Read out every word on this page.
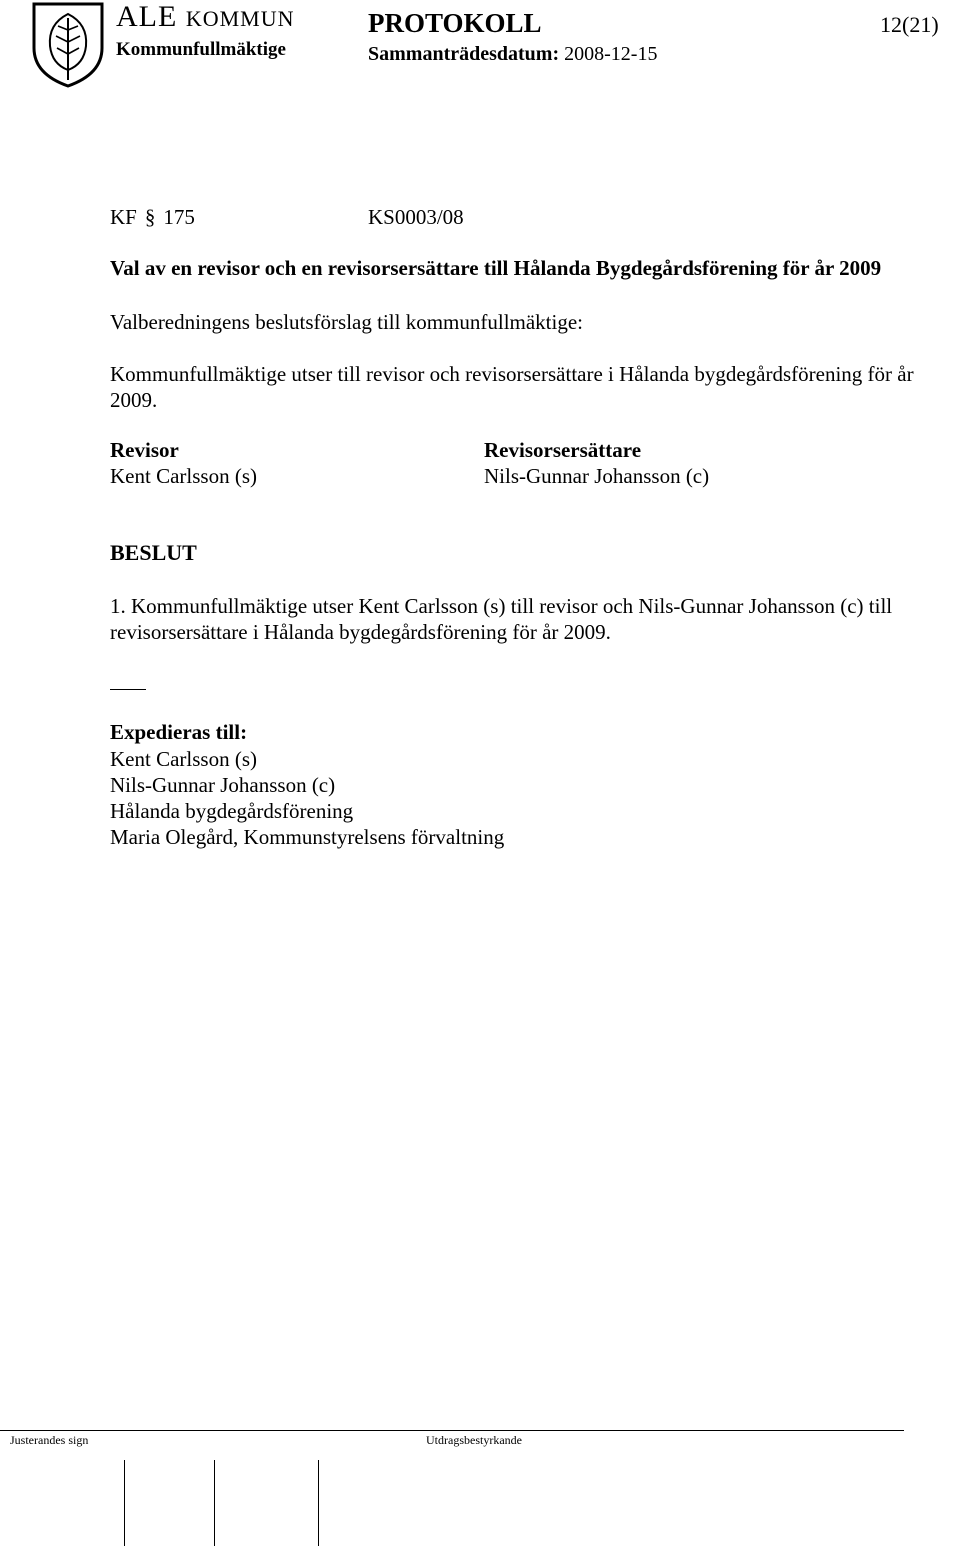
ALE KOMMUN
Kommunfullmäktige
PROTOKOLL
Sammanträdesdatum: 2008-12-15
12(21)
KF § 175	KS0003/08
Val av en revisor och en revisorsersättare till Hålanda Bygdegårdsförening för år 2009
Valberedningens beslutsförslag till kommunfullmäktige:
Kommunfullmäktige utser till revisor och revisorsersättare i Hålanda bygdegårdsförening för år 2009.
Revisor
Kent Carlsson (s)
Revisorsersättare
Nils-Gunnar Johansson (c)
BESLUT
1. Kommunfullmäktige utser Kent Carlsson (s) till revisor och Nils-Gunnar Johansson (c) till revisorsersättare i Hålanda bygdegårdsförening för år 2009.
Expedieras till:
Kent Carlsson (s)
Nils-Gunnar Johansson (c)
Hålanda bygdegårdsförening
Maria Olegård, Kommunstyrelsens förvaltning
Justerandes sign	Utdragsbestyrkande
